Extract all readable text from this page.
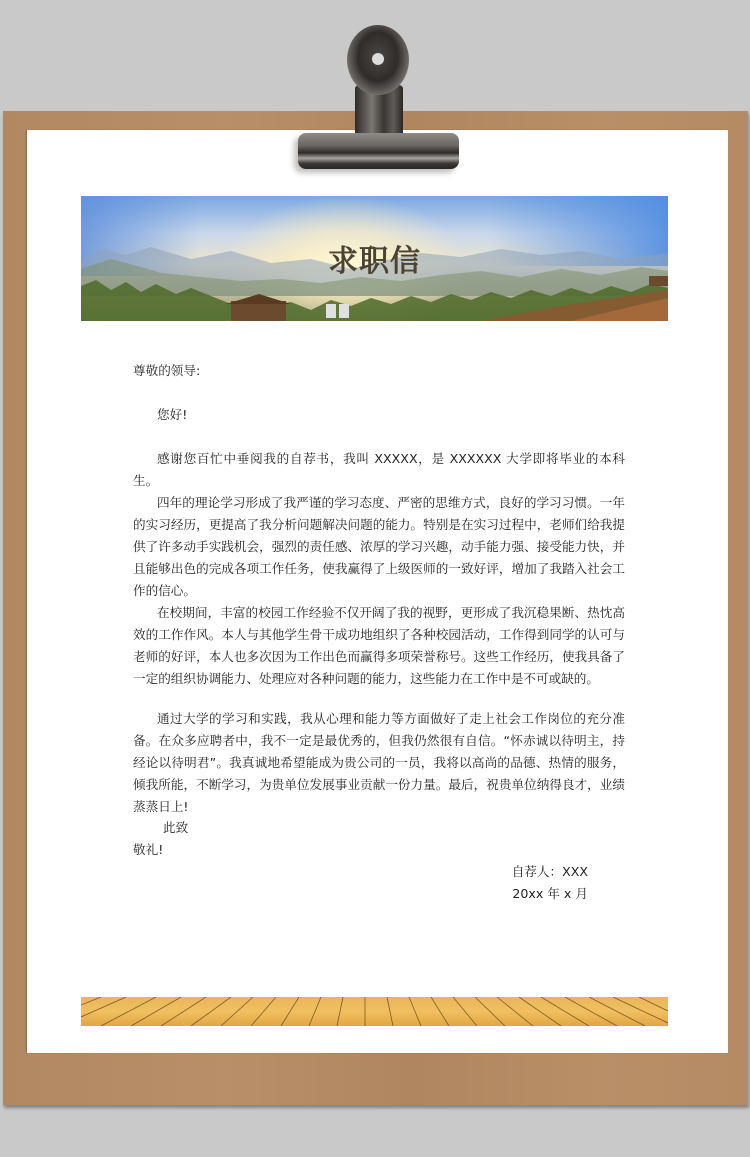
求职信
尊敬的领导:
您好!
感谢您百忙中垂阅我的自荐书，我叫 XXXXX，是 XXXXXX 大学即将毕业的本科生。
四年的理论学习形成了我严谨的学习态度、严密的思维方式，良好的学习习惯。一年的实习经历，更提高了我分析问题解决问题的能力。特别是在实习过程中，老师们给我提供了许多动手实践机会，强烈的责任感、浓厚的学习兴趣，动手能力强、接受能力快，并且能够出色的完成各项工作任务，使我赢得了上级医师的一致好评，增加了我踏入社会工作的信心。
在校期间，丰富的校园工作经验不仅开阔了我的视野，更形成了我沉稳果断、热忱高效的工作作风。本人与其他学生骨干成功地组织了各种校园活动，工作得到同学的认可与老师的好评，本人也多次因为工作出色而赢得多项荣誉称号。这些工作经历，使我具备了一定的组织协调能力、处理应对各种问题的能力，这些能力在工作中是不可或缺的。
通过大学的学习和实践，我从心理和能力等方面做好了走上社会工作岗位的充分准备。在众多应聘者中，我不一定是最优秀的，但我仍然很有自信。“怀赤诚以待明主，持经论以待明君”。我真诚地希望能成为贵公司的一员，我将以高尚的品德、热情的服务，倾我所能，不断学习，为贵单位发展事业贡献一份力量。最后，祝贵单位纳得良才，业绩蒸蒸日上!
此致
敬礼!
自荐人：XXX
20xx 年 x 月
